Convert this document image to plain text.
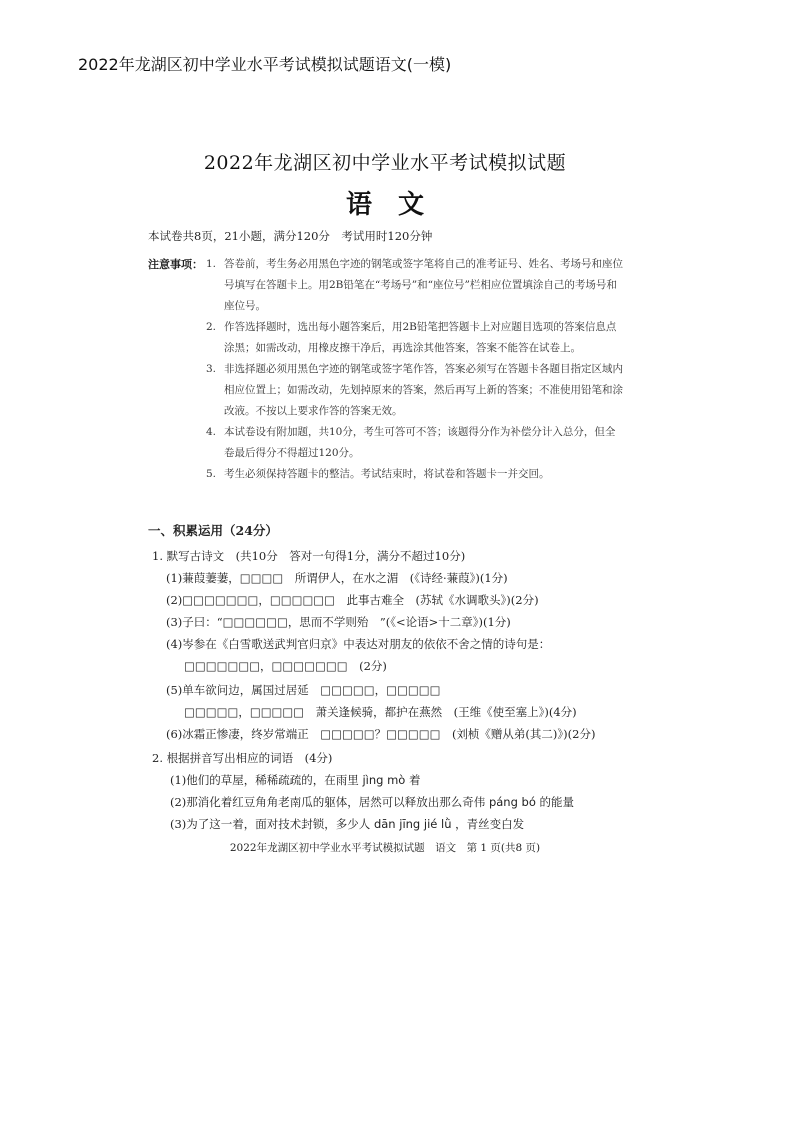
2022年龙湖区初中学业水平考试模拟试题语文(一模)
2022年龙湖区初中学业水平考试模拟试题
语　文
本试卷共8页，21小题，满分120分　考试用时120分钟
注意事项： 1. 答卷前，考生务必用黑色字迹的钢笔或签字笔将自己的准考证号、姓名、考场号和座位号填写在答题卡上。用2B铅笔在“考场号”和“座位号”栏相应位置填涂自己的考场号和座位号。
2. 作答选择题时，选出每小题答案后，用2B铅笔把答题卡上对应题目选项的答案信息点涂黑；如需改动，用橡皮擦干净后，再选涂其他答案，答案不能答在试卷上。
3. 非选择题必须用黑色字迹的钢笔或签字笔作答，答案必须写在答题卡各题目指定区域内相应位置上；如需改动，先划掉原来的答案，然后再写上新的答案；不准使用铅笔和涂改液。不按以上要求作答的答案无效。
4. 本试卷设有附加题，共10分，考生可答可不答；该题得分作为补偿分计入总分，但全卷最后得分不得超过120分。
5. 考生必须保持答题卡的整洁。考试结束时，将试卷和答题卡一并交回。
一、积累运用（24分）
1. 默写古诗文　(共10分　答对一句得1分，满分不超过10分)
(1)蒹葭萋萋，□□□□　所谓伊人，在水之湄　(《诗经·蒹葭》)(1分)
(2)□□□□□□□，□□□□□□　此事古难全　(苏轼《水调歌头》)(2分)
(3)子曰：“□□□□□□，思而不学则殆　”(《<论语>十二章》)(1分)
(4)岑参在《白雪歌送武判官归京》中表达对朋友的依依不舍之情的诗句是：
□□□□□□□，□□□□□□□　(2分)
(5)单车欲问边，属国过居延　□□□□□，□□□□□
□□□□□，□□□□□　萧关逢候骑，都护在燕然　(王维《使至塞上》)(4分)
(6)冰霜正惨凄，终岁常端正　□□□□□？□□□□□　(刘桢《赠从弟(其二)》)(2分)
2. 根据拼音写出相应的词语　(4分)
(1)他们的草屋，稀稀疏疏的，在雨里 jìng mò 着
(2)那消化着红豆角角老南瓜的躯体，居然可以释放出那么奇伟 páng bó 的能量
(3)为了这一着，面对技术封锁，多少人 dān jīng jié lǜ ，青丝变白发
2022年龙湖区初中学业水平考试模拟试题　语文　第 1 页(共8 页)
